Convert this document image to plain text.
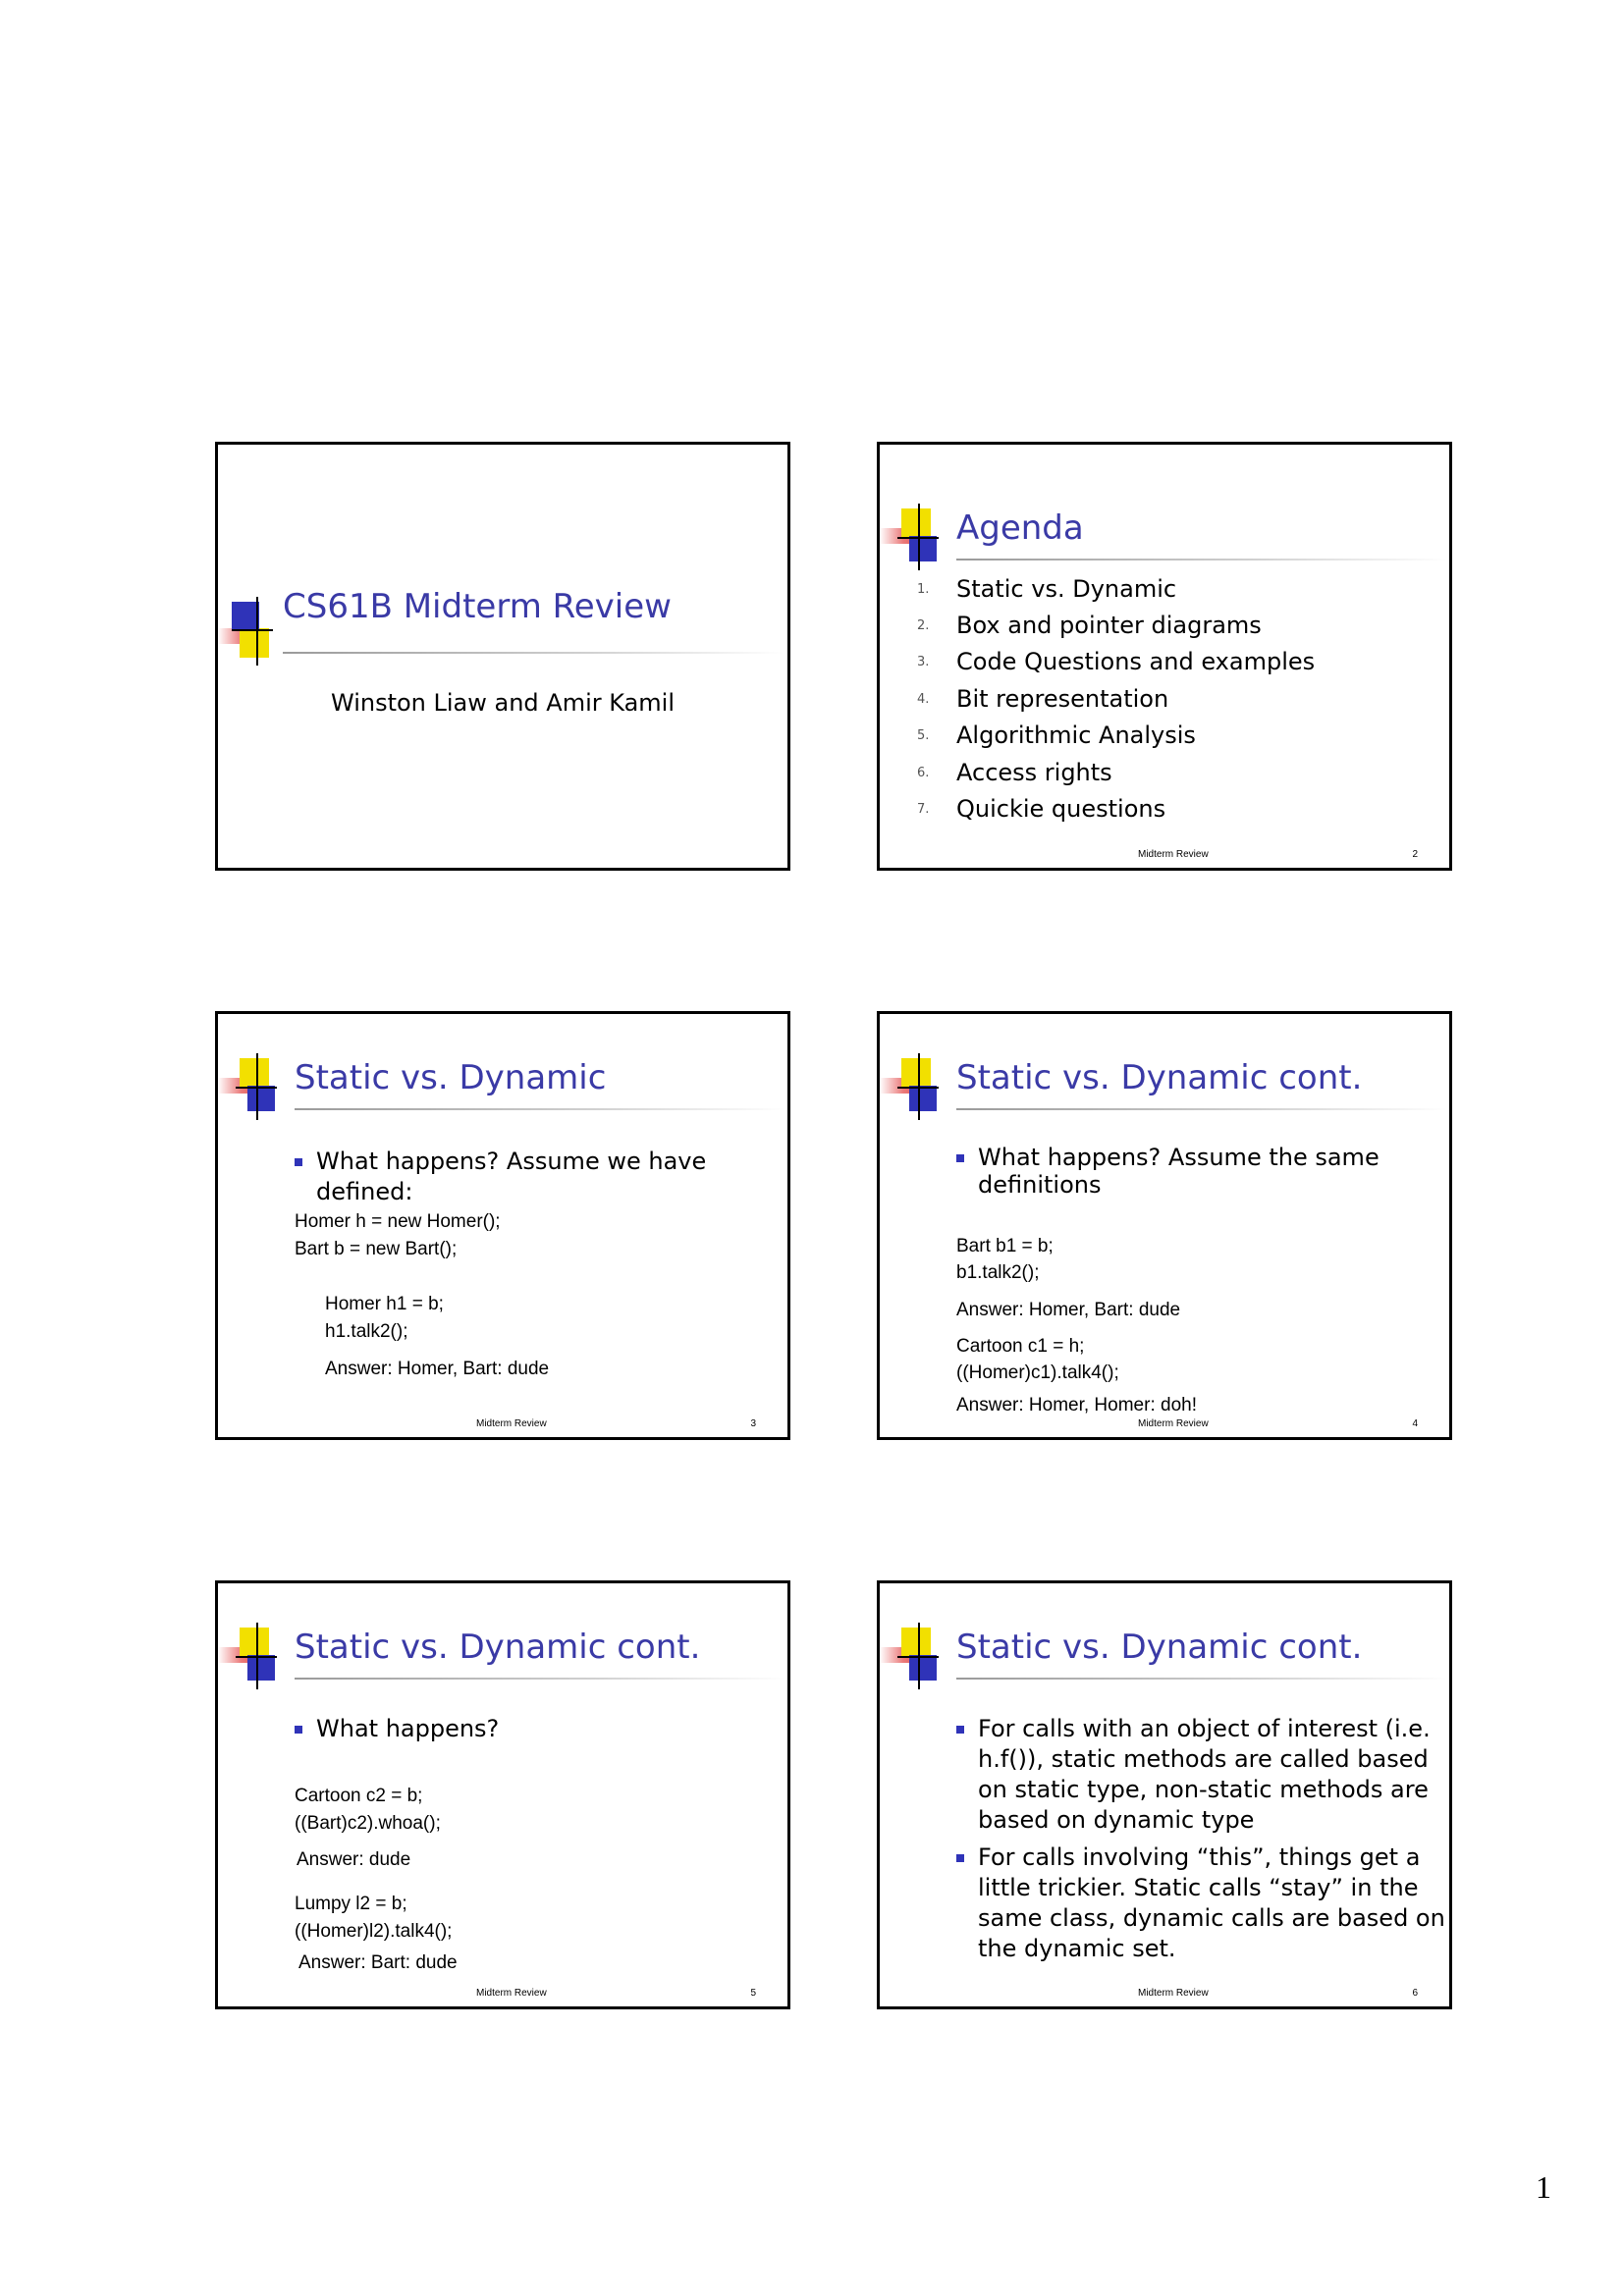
CS61B Midterm Review
Winston Liaw and Amir Kamil
Agenda
1. Static vs. Dynamic
2. Box and pointer diagrams
3. Code Questions and examples
4. Bit representation
5. Algorithmic Analysis
6. Access rights
7. Quickie questions
Midterm Review	2
Static vs. Dynamic
What happens? Assume we have
defined:
Homer h = new Homer();
Bart b = new Bart();
Homer h1 = b;
h1.talk2();
Answer: Homer, Bart: dude
Midterm Review	3
Static vs. Dynamic cont.
What happens? Assume the same
definitions
Bart b1 = b;
b1.talk2();
Answer: Homer, Bart: dude
Cartoon c1 = h;
((Homer)c1).talk4();
Answer: Homer, Homer: doh!
Midterm Review	4
Static vs. Dynamic cont.
What happens?
Cartoon c2 = b;
((Bart)c2).whoa();
Answer: dude
Lumpy l2 = b;
((Homer)l2).talk4();
Answer: Bart: dude
Midterm Review	5
Static vs. Dynamic cont.
For calls with an object of interest (i.e.
h.f()), static methods are called based
on static type, non-static methods are
based on dynamic type
For calls involving “this”, things get a
little trickier. Static calls “stay” in the
same class, dynamic calls are based on
the dynamic set.
Midterm Review	6
1
